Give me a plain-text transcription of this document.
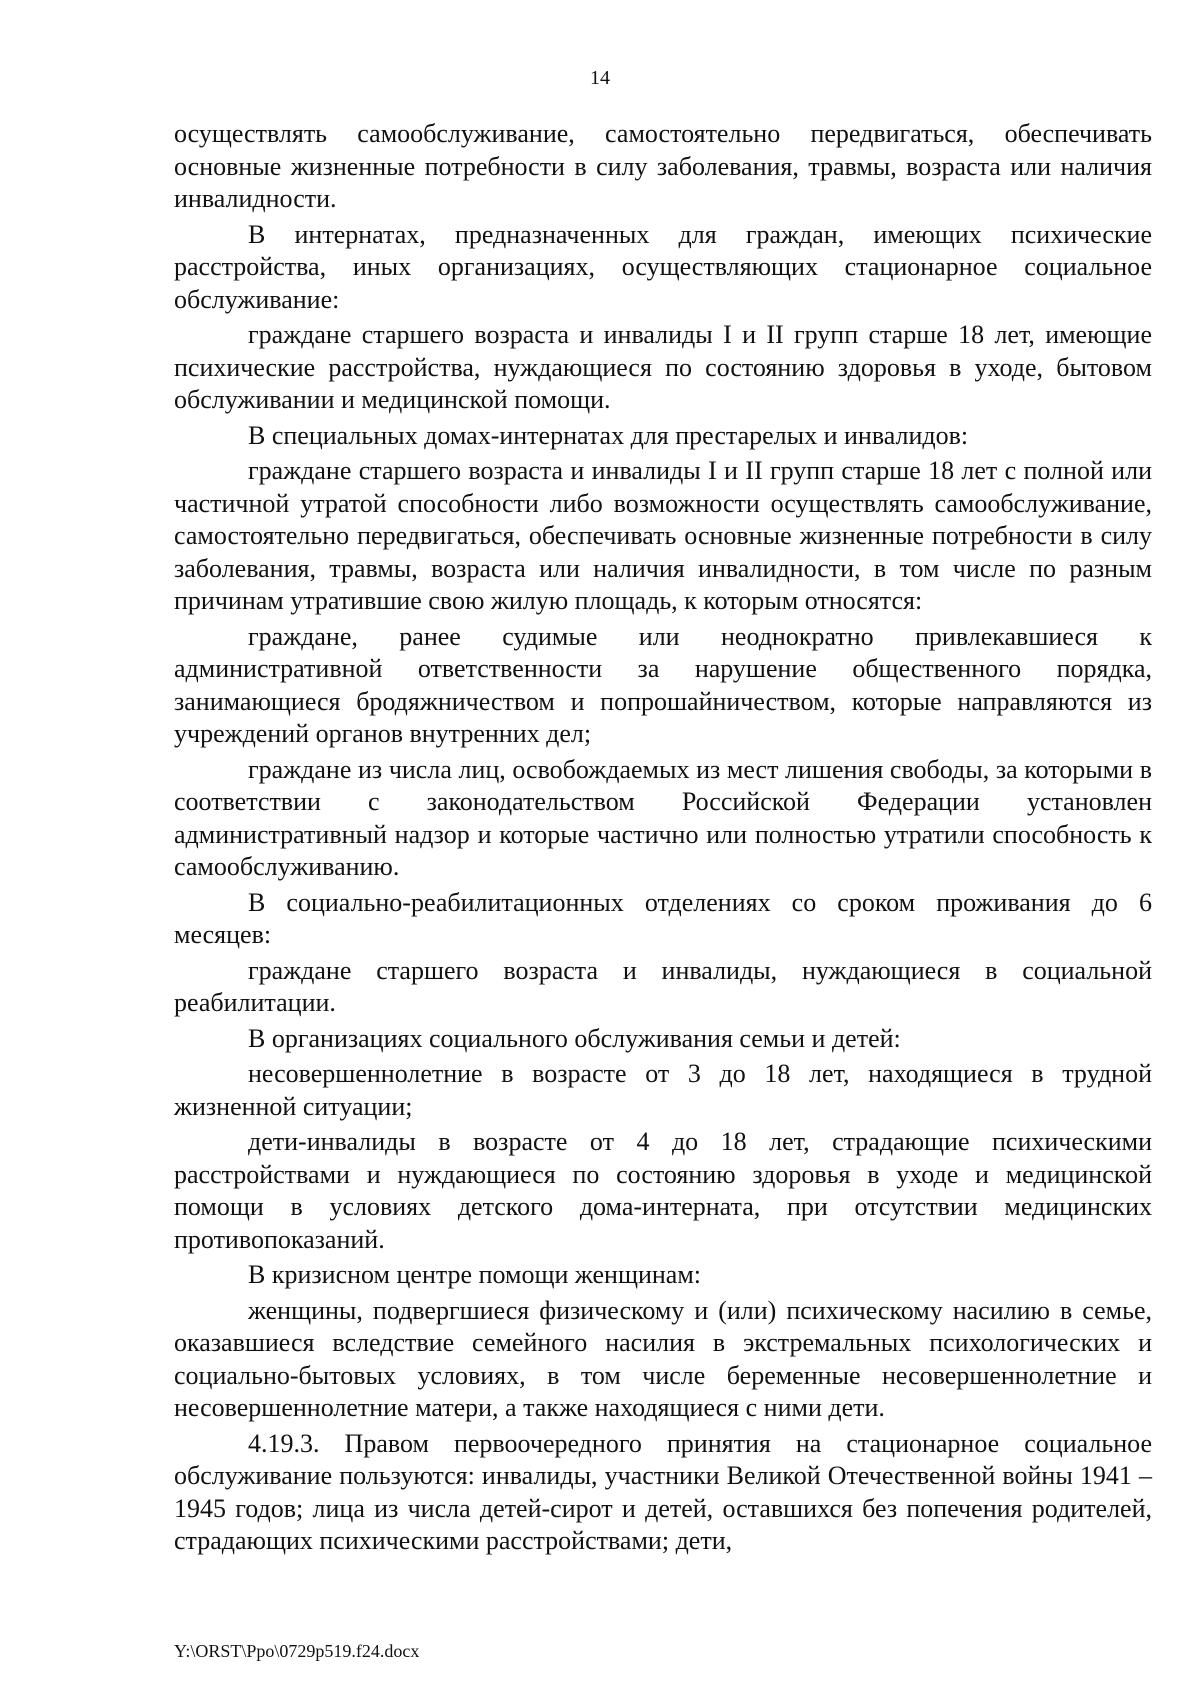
14

осуществлять самообслуживание, самостоятельно передвигаться, обеспечивать основные жизненные потребности в силу заболевания, травмы, возраста или наличия инвалидности.

В интернатах, предназначенных для граждан, имеющих психические расстройства, иных организациях, осуществляющих стационарное социальное обслуживание:

граждане старшего возраста и инвалиды I и II групп старше 18 лет, имеющие психические расстройства, нуждающиеся по состоянию здоровья в уходе, бытовом обслуживании и медицинской помощи.

В специальных домах-интернатах для престарелых и инвалидов:

граждане старшего возраста и инвалиды I и II групп старше 18 лет с полной или частичной утратой способности либо возможности осуществлять самообслуживание, самостоятельно передвигаться, обеспечивать основные жизненные потребности в силу заболевания, травмы, возраста или наличия инвалидности, в том числе по разным причинам утратившие свою жилую площадь, к которым относятся:

граждане, ранее судимые или неоднократно привлекавшиеся к административной ответственности за нарушение общественного порядка, занимающиеся бродяжничеством и попрошайничеством, которые направляются из учреждений органов внутренних дел;

граждане из числа лиц, освобождаемых из мест лишения свободы, за которыми в соответствии с законодательством Российской Федерации установлен административный надзор и которые частично или полностью утратили способность к самообслуживанию.

В социально-реабилитационных отделениях со сроком проживания до 6 месяцев:

граждане старшего возраста и инвалиды, нуждающиеся в социальной реабилитации.

В организациях социального обслуживания семьи и детей:

несовершеннолетние в возрасте от 3 до 18 лет, находящиеся в трудной жизненной ситуации;

дети-инвалиды в возрасте от 4 до 18 лет, страдающие психическими расстройствами и нуждающиеся по состоянию здоровья в уходе и медицинской помощи в условиях детского дома-интерната, при отсутствии медицинских противопоказаний.

В кризисном центре помощи женщинам:

женщины, подвергшиеся физическому и (или) психическому насилию в семье, оказавшиеся вследствие семейного насилия в экстремальных психологических и социально-бытовых условиях, в том числе беременные несовершеннолетние и несовершеннолетние матери, а также находящиеся с ними дети.

4.19.3. Правом первоочередного принятия на стационарное социальное обслуживание пользуются: инвалиды, участники Великой Отечественной войны 1941 – 1945 годов; лица из числа детей-сирот и детей, оставшихся без попечения родителей, страдающих психическими расстройствами; дети,

Y:\ORST\Ppo\0729p519.f24.docx
